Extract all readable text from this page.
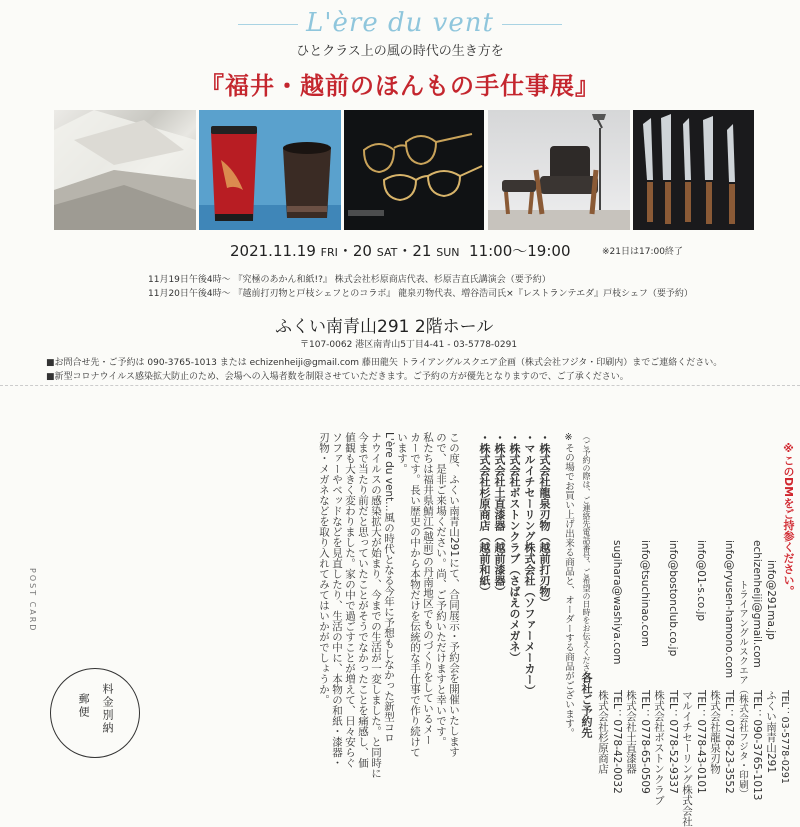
L'ère du vent
ひとクラス上の風の時代の生き方を
『福井・越前のほんもの手仕事展』
2021.11.19 FRI・20 SAT・21 SUN 11:00〜19:00	※21日は17:00終了
11月19日午後4時〜 『究極のあかん和紙!?』 株式会社杉原商店代表、杉原吉直氏講演会（要予約）
11月20日午後4時〜 『越前打刃物と戸枝シェフとのコラボ』 龍泉刃物代表、増谷浩司氏×『レストランテエダ』戸枝シェフ（要予約）
ふくい南青山291 2階ホール
〒107-0062 港区南青山5丁目4-41 - 03-5778-0291
■お問合せ先・ご予約は 090-3765-1013 または echizenheiji@gmail.com 藤田龍矢 トライアングルスクエア企画（株式会社フジタ・印刷内）までご連絡ください。
■新型コロナウイルス感染拡大防止のため、会場への入場者数を制限させていただきます。ご予約の方が優先となりますので、ご了承ください。
POST CARD
料金別納
郵便	L'ère du vent…風の時代となる今年に予想もしなかった新型コロ
ナウイルスの感染拡大が始まり、今までの生活が一変しました。と同時に
今まで当たり前だと思っていたことがそうでなかったことを痛感し、価
値観も大きく変わりました。家の中で過ごすことが増えて、日々安らぐ
ソファーやベッドなどを見直したり、生活の中に、本物の和紙・漆器・
刃物・メガネなどを取り入れてみてはいかがでしょうか。	私たちは福井県鯖江(越前)の丹南地区でものづくりをしているメー
カーです。長い歴史の中から本物だけを伝統的な手仕事で作り続けて
います。	この度、ふくい南青山291にて、合同展示・予約会を開催いたします
ので、是非ご来場ください。尚、ご予約いただけますと幸いです。	・株式会社杉原商店（越前和紙） ・株式会社土直漆器（越前漆器） ・株式会社ボストンクラブ（さばえのメガネ） ・マルイチセーリング株式会社（ソファーメーカー） ・株式会社龍泉刃物（越前打刃物） ※その場でお買い上げ出来る商品と、オーダーする商品がございます。 各社ご予約先
（ご予約の際は、ご連絡先電話番号、ご希望の日時をお伝えください）
株式会社杉原商店 TEL：0778-42-0032
sugihara@washiya.com
株式会社土直漆器 TEL：0778-65-0509
info@tsuchinao.com
株式会社ボストンクラブ TEL：0778-52-9337
info@bostonclub.co.jp
マルイチセーリング株式会社 TEL：0778-43-0101
info@01-s.co.jp
株式会社龍泉刃物 TEL：0778-23-3552
info@ryusen-hamono.com トライアングルスクエア（株式会社フジタ・印刷） TEL：090-3765-1013
echizenheiji@gmail.com
ふくい南青山291 TEL：03-5778-0291
info@291ma.jp
※このDMをご持参ください。
